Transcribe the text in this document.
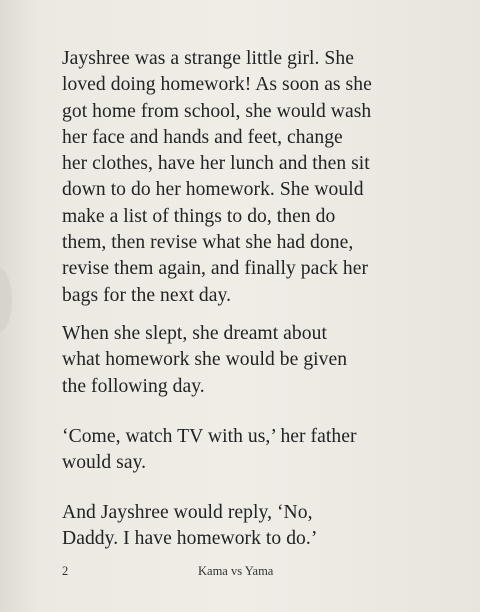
Jayshree was a strange little girl. She
loved doing homework! As soon as she
got home from school, she would wash
her face and hands and feet, change
her clothes, have her lunch and then sit
down to do her homework. She would
make a list of things to do, then do
them, then revise what she had done,
revise them again, and finally pack her
bags for the next day.

When she slept, she dreamt about
what homework she would be given
the following day.

‘Come, watch TV with us,’ her father
would say.

And Jayshree would reply, ‘No,
Daddy. I have homework to do.’

2	Kama vs Yama
